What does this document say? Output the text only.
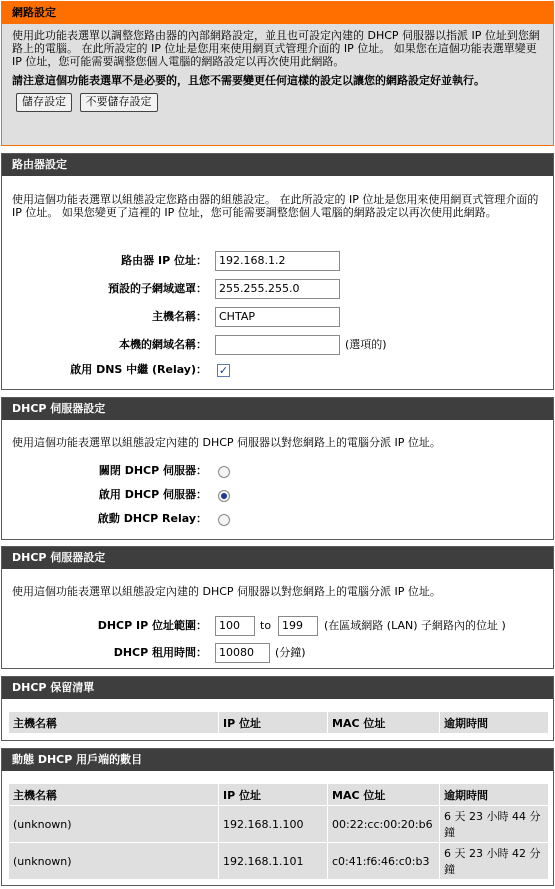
網路設定
使用此功能表選單以調整您路由器的內部網路設定，並且也可設定內建的 DHCP 伺服器以指派 IP 位址到您網路上的電腦。 在此所設定的 IP 位址是您用來使用網頁式管理介面的 IP 位址。 如果您在這個功能表選單變更 IP 位址，您可能需要調整您個人電腦的網路設定以再次使用此網路。
請注意這個功能表選單不是必要的，且您不需要變更任何這樣的設定以讓您的網路設定好並執行。
儲存設定 不要儲存設定
路由器設定
使用這個功能表選單以組態設定您路由器的組態設定。 在此所設定的 IP 位址是您用來使用網頁式管理介面的 IP 位址。 如果您變更了這裡的 IP 位址，您可能需要調整您個人電腦的網路設定以再次使用此網路。
路由器 IP 位址：	192.168.1.2
預設的子網域遮罩：	255.255.255.0
主機名稱：	CHTAP
本機的網域名稱：	(選項的)
啟用 DNS 中繼 (Relay)： ✓
DHCP 伺服器設定
使用這個功能表選單以組態設定內建的 DHCP 伺服器以對您網路上的電腦分派 IP 位址。
關閉 DHCP 伺服器：
啟用 DHCP 伺服器：
啟動 DHCP Relay：
DHCP 伺服器設定
使用這個功能表選單以組態設定內建的 DHCP 伺服器以對您網路上的電腦分派 IP 位址。
DHCP IP 位址範圍：	100	to 199	(在區域網路 (LAN) 子網路內的位址 )
DHCP 租用時間：	10080	(分鐘)
DHCP 保留清單
主機名稱	IP 位址	MAC 位址	逾期時間
動態 DHCP 用戶端的數目
主機名稱	IP 位址	MAC 位址	逾期時間
(unknown)	192.168.1.100	00:22:cc:00:20:b6	6 天 23 小時 44 分鐘
(unknown)	192.168.1.101	c0:41:f6:46:c0:b3	6 天 23 小時 42 分鐘
